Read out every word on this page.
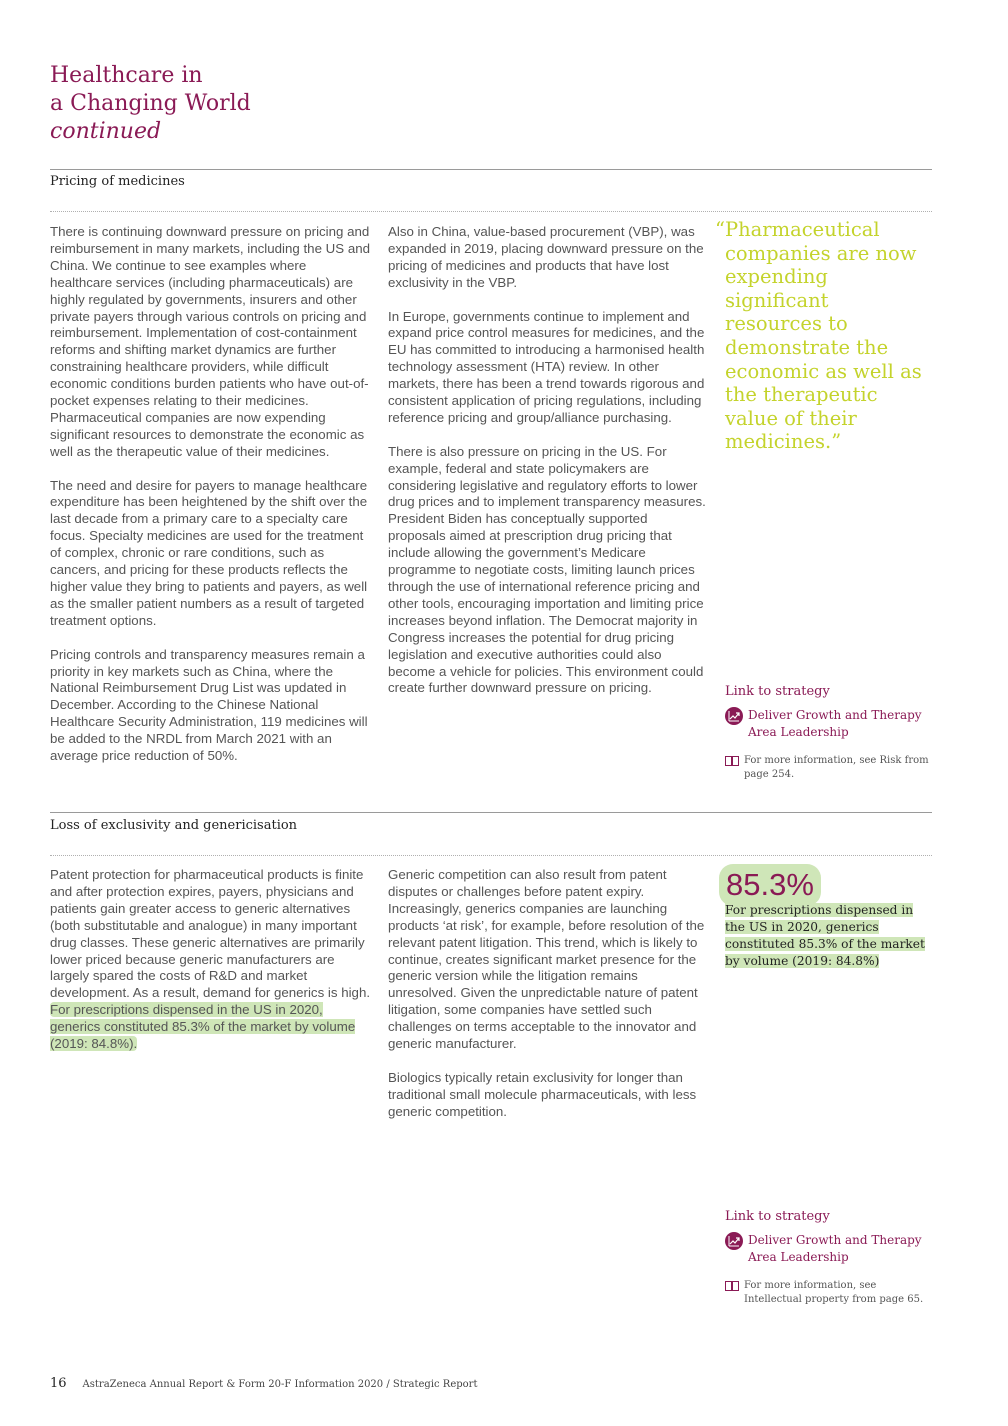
Healthcare in
a Changing World
continued
Pricing of medicines

There is continuing downward pressure on pricing and reimbursement in many markets, including the US and China. We continue to see examples where healthcare services (including pharmaceuticals) are highly regulated by governments, insurers and other private payers through various controls on pricing and reimbursement. Implementation of cost-containment reforms and shifting market dynamics are further constraining healthcare providers, while difficult economic conditions burden patients who have out-of-pocket expenses relating to their medicines. Pharmaceutical companies are now expending significant resources to demonstrate the economic as well as the therapeutic value of their medicines.

The need and desire for payers to manage healthcare expenditure has been heightened by the shift over the last decade from a primary care to a specialty care focus. Specialty medicines are used for the treatment of complex, chronic or rare conditions, such as cancers, and pricing for these products reflects the higher value they bring to patients and payers, as well as the smaller patient numbers as a result of targeted treatment options.

Pricing controls and transparency measures remain a priority in key markets such as China, where the National Reimbursement Drug List was updated in December. According to the Chinese National Healthcare Security Administration, 119 medicines will be added to the NRDL from March 2021 with an average price reduction of 50%.

Also in China, value-based procurement (VBP), was expanded in 2019, placing downward pressure on the pricing of medicines and products that have lost exclusivity in the VBP.

In Europe, governments continue to implement and expand price control measures for medicines, and the EU has committed to introducing a harmonised health technology assessment (HTA) review. In other markets, there has been a trend towards rigorous and consistent application of pricing regulations, including reference pricing and group/alliance purchasing.

There is also pressure on pricing in the US. For example, federal and state policymakers are considering legislative and regulatory efforts to lower drug prices and to implement transparency measures. President Biden has conceptually supported proposals aimed at prescription drug pricing that include allowing the government’s Medicare programme to negotiate costs, limiting launch prices through the use of international reference pricing and other tools, encouraging importation and limiting price increases beyond inflation. The Democrat majority in Congress increases the potential for drug pricing legislation and executive authorities could also become a vehicle for policies. This environment could create further downward pressure on pricing.

“ Pharmaceutical companies are now expending significant resources to demonstrate the economic as well as the therapeutic value of their medicines.”
Link to strategy
Deliver Growth and Therapy Area Leadership
For more information, see Risk from page 254.
Loss of exclusivity and genericisation

Patent protection for pharmaceutical products is finite and after protection expires, payers, physicians and patients gain greater access to generic alternatives (both substitutable and analogue) in many important drug classes. These generic alternatives are primarily lower priced because generic manufacturers are largely spared the costs of R&D and market development. As a result, demand for generics is high. For prescriptions dispensed in the US in 2020, generics constituted 85.3% of the market by volume (2019: 84.8%).

Generic competition can also result from patent disputes or challenges before patent expiry. Increasingly, generics companies are launching products ‘at risk’, for example, before resolution of the relevant patent litigation. This trend, which is likely to continue, creates significant market presence for the generic version while the litigation remains unresolved. Given the unpredictable nature of patent litigation, some companies have settled such challenges on terms acceptable to the innovator and generic manufacturer.

Biologics typically retain exclusivity for longer than traditional small molecule pharmaceuticals, with less generic competition.

85.3%
For prescriptions dispensed in the US in 2020, generics constituted 85.3% of the market by volume (2019: 84.8%)
Link to strategy
Deliver Growth and Therapy Area Leadership
For more information, see Intellectual property from page 65.
16 AstraZeneca Annual Report & Form 20-F Information 2020 / Strategic Report
